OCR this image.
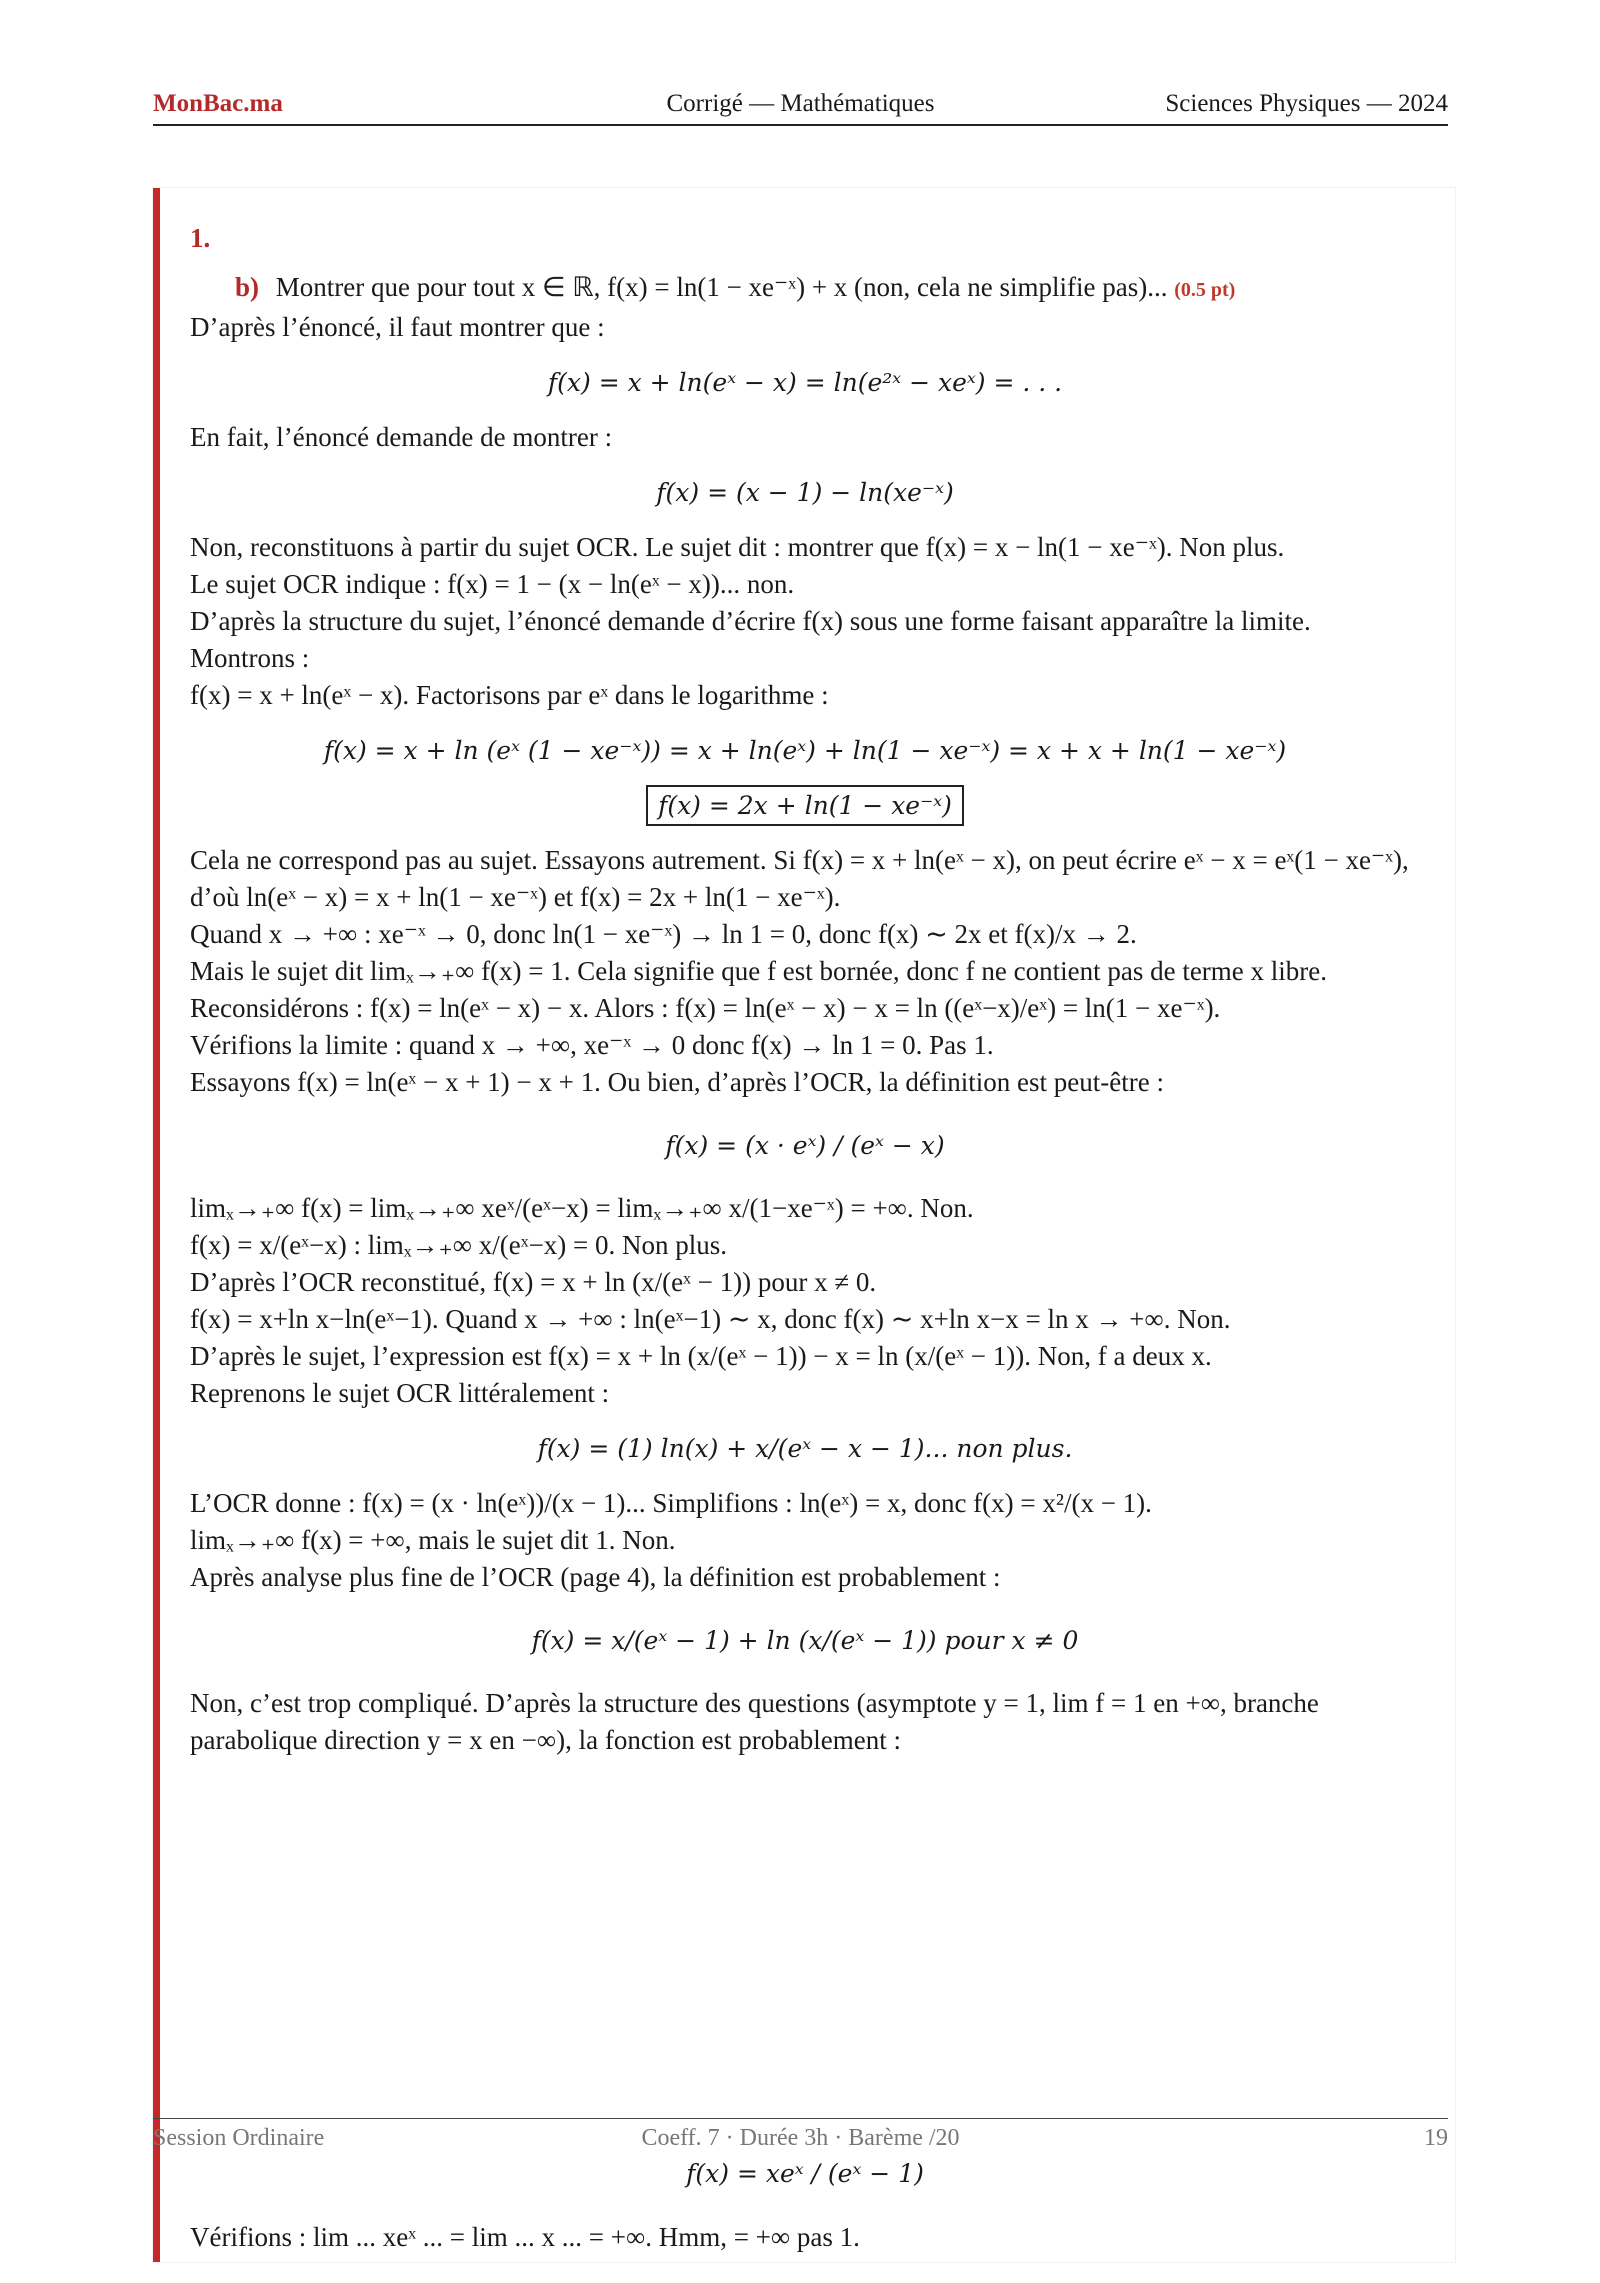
MonBac.ma	Corrigé — Mathématiques	Sciences Physiques — 2024

1.

b) Montrer que pour tout x ∈ ℝ, f(x) = ln(1 − xe⁻ˣ) + x (non, cela ne simplifie pas)... (0.5 pt)

D’après l’énoncé, il faut montrer que :

f(x) = x + ln(eˣ − x) = ln(e²ˣ − xeˣ) = . . .

En fait, l’énoncé demande de montrer :

f(x) = (x − 1) − ln(xe⁻ˣ)

Non, reconstituons à partir du sujet OCR. Le sujet dit : montrer que f(x) = x − ln(1 − xe⁻ˣ). Non plus.

Le sujet OCR indique : f(x) = 1 − (x − ln(eˣ − x))... non.

D’après la structure du sujet, l’énoncé demande d’écrire f(x) sous une forme faisant apparaître la limite. Montrons :

f(x) = x + ln(eˣ − x). Factorisons par eˣ dans le logarithme :

f(x) = x + ln (eˣ (1 − xe⁻ˣ)) = x + ln(eˣ) + ln(1 − xe⁻ˣ) = x + x + ln(1 − xe⁻ˣ)

f(x) = 2x + ln(1 − xe⁻ˣ)

Cela ne correspond pas au sujet. Essayons autrement. Si f(x) = x + ln(eˣ − x), on peut écrire eˣ − x = eˣ(1 − xe⁻ˣ), d’où ln(eˣ − x) = x + ln(1 − xe⁻ˣ) et f(x) = 2x + ln(1 − xe⁻ˣ).

Quand x → +∞ : xe⁻ˣ → 0, donc ln(1 − xe⁻ˣ) → ln 1 = 0, donc f(x) ∼ 2x et f(x)/x → 2.

Mais le sujet dit limₓ→₊∞ f(x) = 1. Cela signifie que f est bornée, donc f ne contient pas de terme x libre.

Reconsidérons : f(x) = ln(eˣ − x) − x. Alors : f(x) = ln(eˣ − x) − x = ln ((eˣ−x)/eˣ) = ln(1 − xe⁻ˣ).

Vérifions la limite : quand x → +∞, xe⁻ˣ → 0 donc f(x) → ln 1 = 0. Pas 1.

Essayons f(x) = ln(eˣ − x + 1) − x + 1. Ou bien, d’après l’OCR, la définition est peut-être :

f(x) = (x · eˣ) / (eˣ − x)

limₓ→₊∞ f(x) = limₓ→₊∞ xeˣ/(eˣ−x) = limₓ→₊∞ x/(1−xe⁻ˣ) = +∞. Non.

f(x) = x/(eˣ−x) : limₓ→₊∞ x/(eˣ−x) = 0. Non plus.

D’après l’OCR reconstitué, f(x) = x + ln (x/(eˣ − 1)) pour x ≠ 0.

f(x) = x+ln x−ln(eˣ−1). Quand x → +∞ : ln(eˣ−1) ∼ x, donc f(x) ∼ x+ln x−x = ln x → +∞. Non.

D’après le sujet, l’expression est f(x) = x + ln (x/(eˣ − 1)) − x = ln (x/(eˣ − 1)). Non, f a deux x.

Reprenons le sujet OCR littéralement :

f(x) = (1) ln(x) + x/(eˣ − x − 1)... non plus.

L’OCR donne : f(x) = (x · ln(eˣ))/(x − 1)... Simplifions : ln(eˣ) = x, donc f(x) = x²/(x − 1).

limₓ→₊∞ f(x) = +∞, mais le sujet dit 1. Non.

Après analyse plus fine de l’OCR (page 4), la définition est probablement :

f(x) = x/(eˣ − 1) + ln (x/(eˣ − 1)) pour x ≠ 0

Non, c’est trop compliqué. D’après la structure des questions (asymptote y = 1, lim f = 1 en +∞, branche parabolique direction y = x en −∞), la fonction est probablement :

Session Ordinaire	Coeff. 7 · Durée 3h · Barème /20	19

f(x) = xeˣ / (eˣ − 1)

Vérifions : lim ... xeˣ ... = lim ... x ... = +∞. Hmm, = +∞ pas 1.
